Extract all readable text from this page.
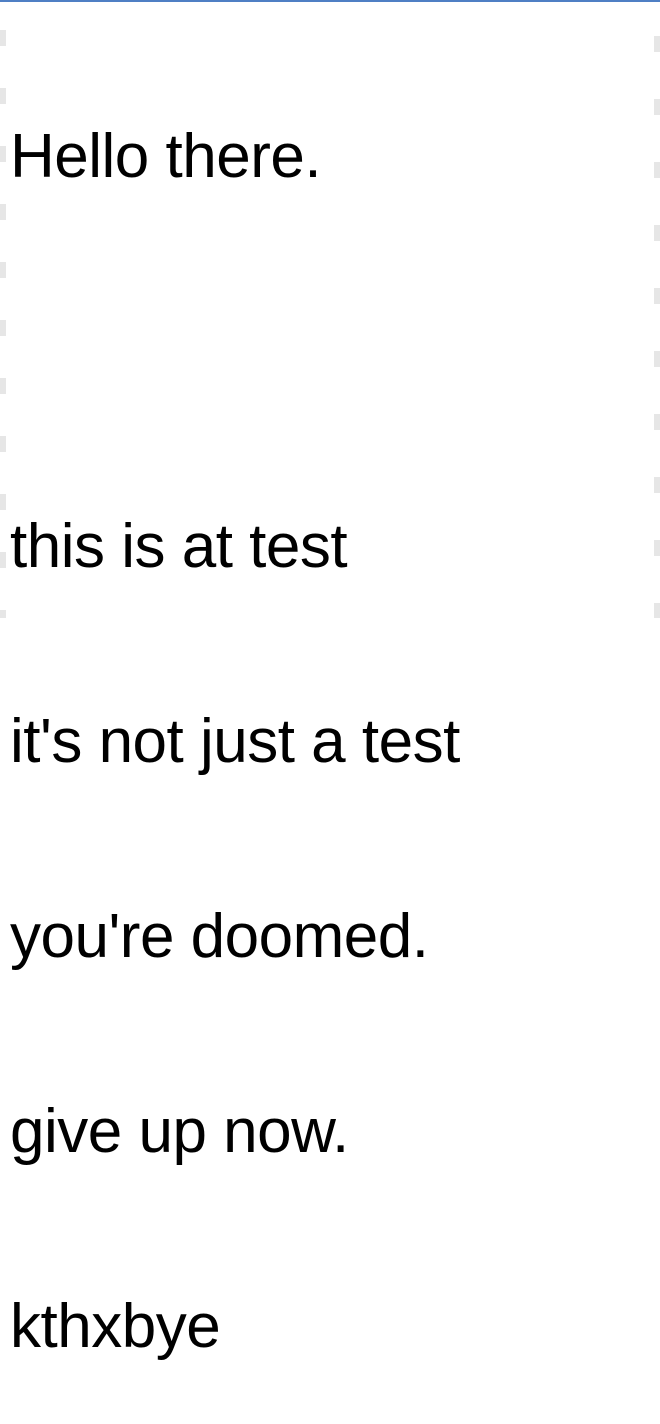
Hello there.

this is at test

it's not just a test

you're doomed.

give up now.

kthxbye
